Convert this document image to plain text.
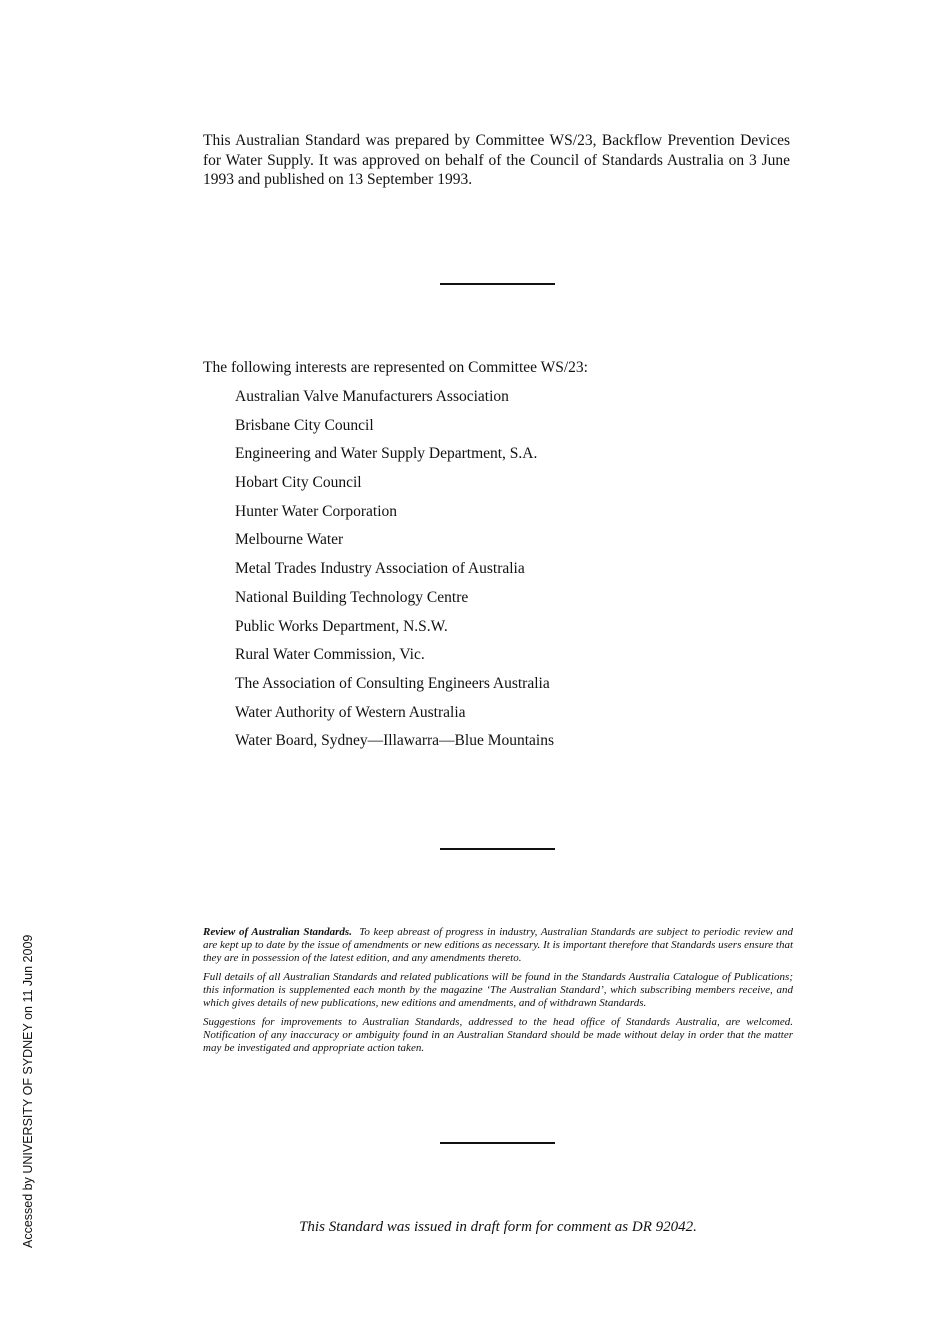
This Australian Standard was prepared by Committee WS/23, Backflow Prevention Devices for Water Supply. It was approved on behalf of the Council of Standards Australia on 3 June 1993 and published on 13 September 1993.

The following interests are represented on Committee WS/23:

Australian Valve Manufacturers Association
Brisbane City Council
Engineering and Water Supply Department, S.A.
Hobart City Council
Hunter Water Corporation
Melbourne Water
Metal Trades Industry Association of Australia
National Building Technology Centre
Public Works Department, N.S.W.
Rural Water Commission, Vic.
The Association of Consulting Engineers Australia
Water Authority of Western Australia
Water Board, Sydney—Illawarra—Blue Mountains

Review of Australian Standards. To keep abreast of progress in industry, Australian Standards are subject to periodic review and are kept up to date by the issue of amendments or new editions as necessary. It is important therefore that Standards users ensure that they are in possession of the latest edition, and any amendments thereto.

Full details of all Australian Standards and related publications will be found in the Standards Australia Catalogue of Publications; this information is supplemented each month by the magazine ‘The Australian Standard’, which subscribing members receive, and which gives details of new publications, new editions and amendments, and of withdrawn Standards.

Suggestions for improvements to Australian Standards, addressed to the head office of Standards Australia, are welcomed. Notification of any inaccuracy or ambiguity found in an Australian Standard should be made without delay in order that the matter may be investigated and appropriate action taken.

This Standard was issued in draft form for comment as DR 92042.

Accessed by UNIVERSITY OF SYDNEY on 11 Jun 2009
